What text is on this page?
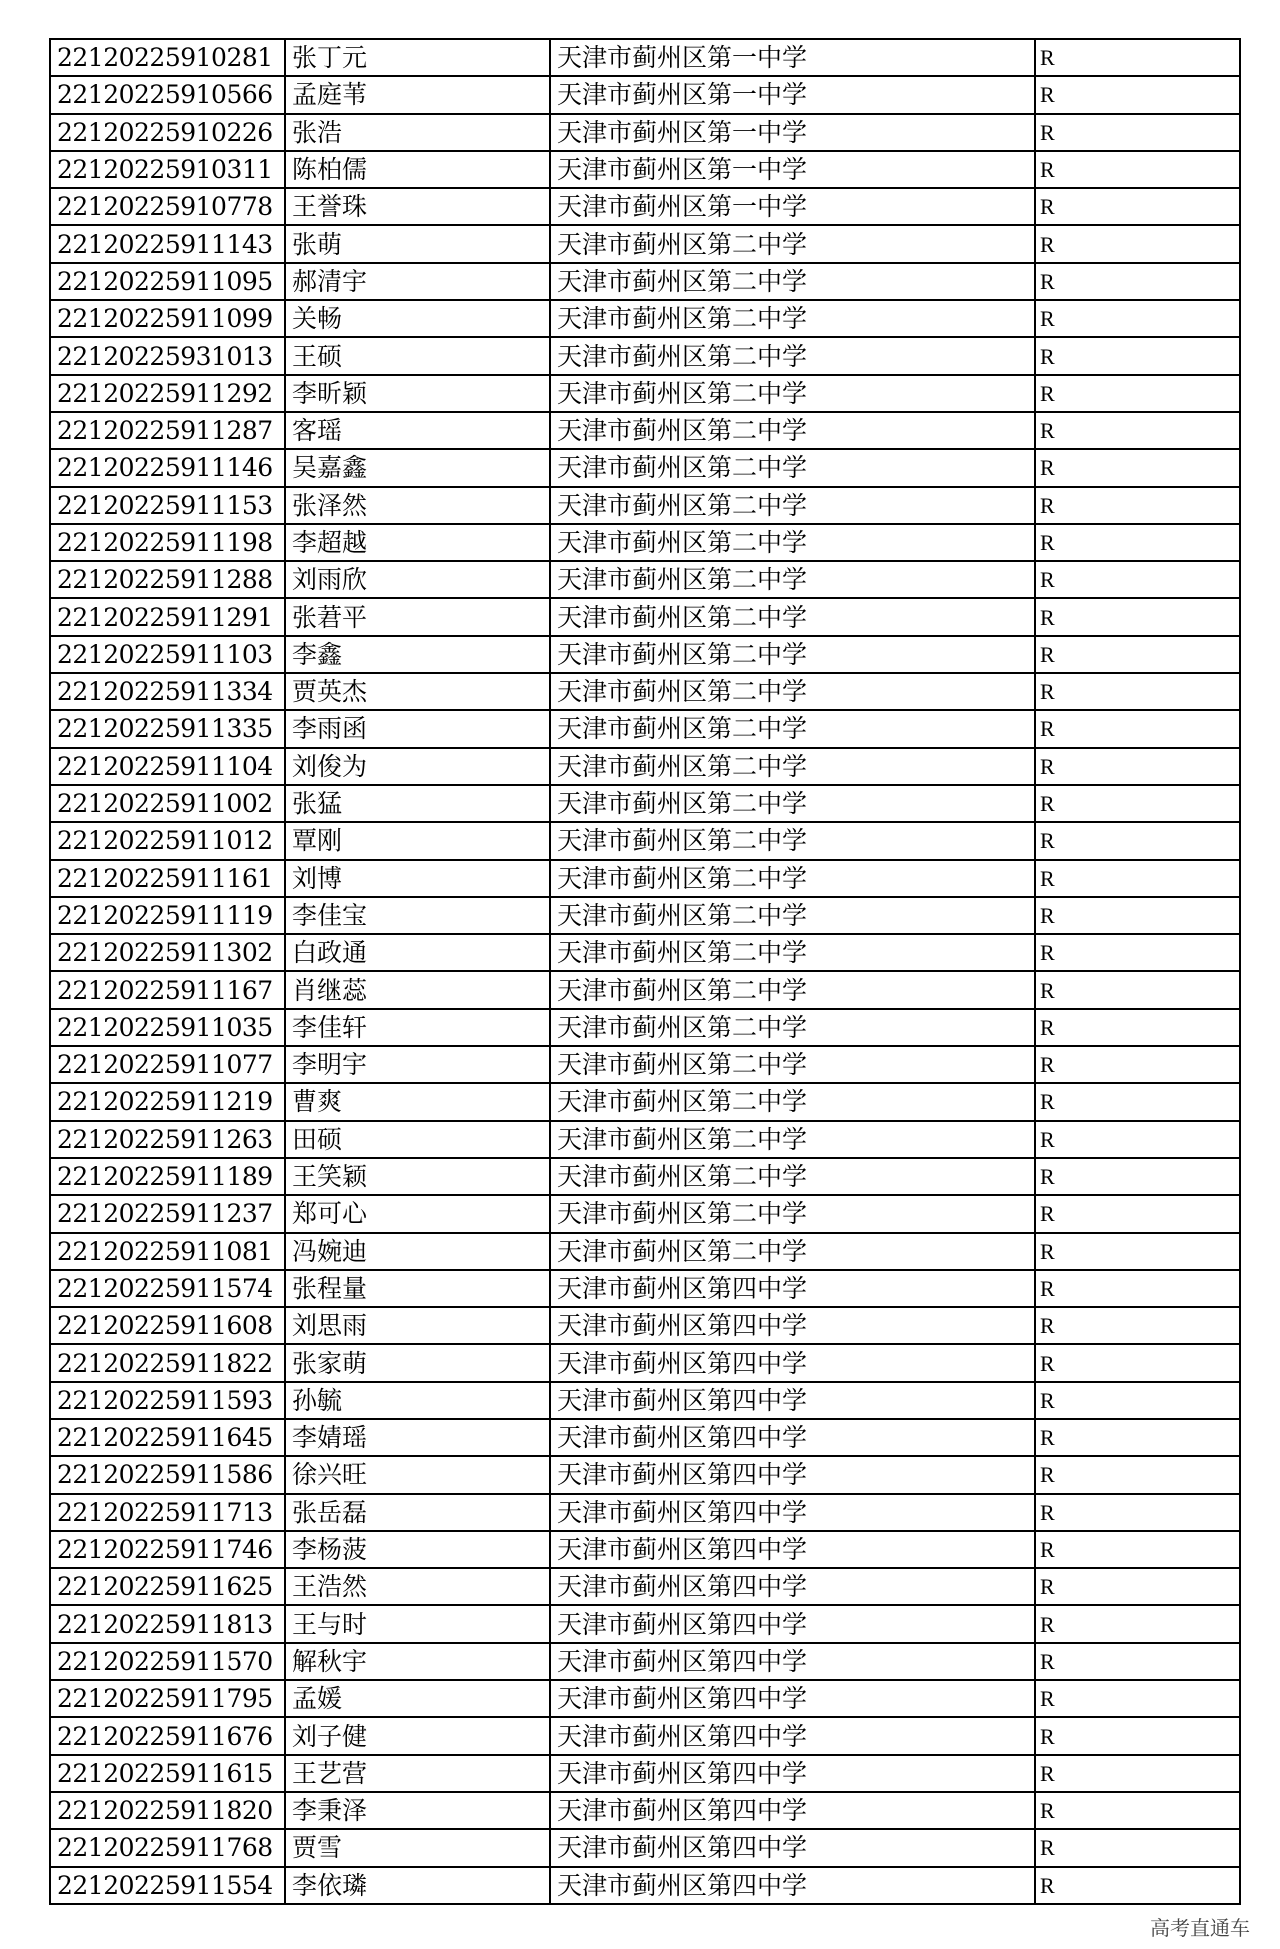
22120225910281	张丁元	天津市蓟州区第一中学	R
22120225910566	孟庭苇	天津市蓟州区第一中学	R
22120225910226	张浩	天津市蓟州区第一中学	R
22120225910311	陈柏儒	天津市蓟州区第一中学	R
22120225910778	王誉珠	天津市蓟州区第一中学	R
22120225911143	张萌	天津市蓟州区第二中学	R
22120225911095	郝清宇	天津市蓟州区第二中学	R
22120225911099	关畅	天津市蓟州区第二中学	R
22120225931013	王硕	天津市蓟州区第二中学	R
22120225911292	李昕颖	天津市蓟州区第二中学	R
22120225911287	客瑶	天津市蓟州区第二中学	R
22120225911146	吴嘉鑫	天津市蓟州区第二中学	R
22120225911153	张泽然	天津市蓟州区第二中学	R
22120225911198	李超越	天津市蓟州区第二中学	R
22120225911288	刘雨欣	天津市蓟州区第二中学	R
22120225911291	张莙平	天津市蓟州区第二中学	R
22120225911103	李鑫	天津市蓟州区第二中学	R
22120225911334	贾英杰	天津市蓟州区第二中学	R
22120225911335	李雨函	天津市蓟州区第二中学	R
22120225911104	刘俊为	天津市蓟州区第二中学	R
22120225911002	张猛	天津市蓟州区第二中学	R
22120225911012	覃刚	天津市蓟州区第二中学	R
22120225911161	刘博	天津市蓟州区第二中学	R
22120225911119	李佳宝	天津市蓟州区第二中学	R
22120225911302	白政通	天津市蓟州区第二中学	R
22120225911167	肖继蕊	天津市蓟州区第二中学	R
22120225911035	李佳轩	天津市蓟州区第二中学	R
22120225911077	李明宇	天津市蓟州区第二中学	R
22120225911219	曹爽	天津市蓟州区第二中学	R
22120225911263	田硕	天津市蓟州区第二中学	R
22120225911189	王笑颖	天津市蓟州区第二中学	R
22120225911237	郑可心	天津市蓟州区第二中学	R
22120225911081	冯婉迪	天津市蓟州区第二中学	R
22120225911574	张程量	天津市蓟州区第四中学	R
22120225911608	刘思雨	天津市蓟州区第四中学	R
22120225911822	张家萌	天津市蓟州区第四中学	R
22120225911593	孙毓	天津市蓟州区第四中学	R
22120225911645	李婧瑶	天津市蓟州区第四中学	R
22120225911586	徐兴旺	天津市蓟州区第四中学	R
22120225911713	张岳磊	天津市蓟州区第四中学	R
22120225911746	李杨菠	天津市蓟州区第四中学	R
22120225911625	王浩然	天津市蓟州区第四中学	R
22120225911813	王与时	天津市蓟州区第四中学	R
22120225911570	解秋宇	天津市蓟州区第四中学	R
22120225911795	孟媛	天津市蓟州区第四中学	R
22120225911676	刘子健	天津市蓟州区第四中学	R
22120225911615	王艺营	天津市蓟州区第四中学	R
22120225911820	李秉泽	天津市蓟州区第四中学	R
22120225911768	贾雪	天津市蓟州区第四中学	R
22120225911554	李依璘	天津市蓟州区第四中学	R
高考直通车
